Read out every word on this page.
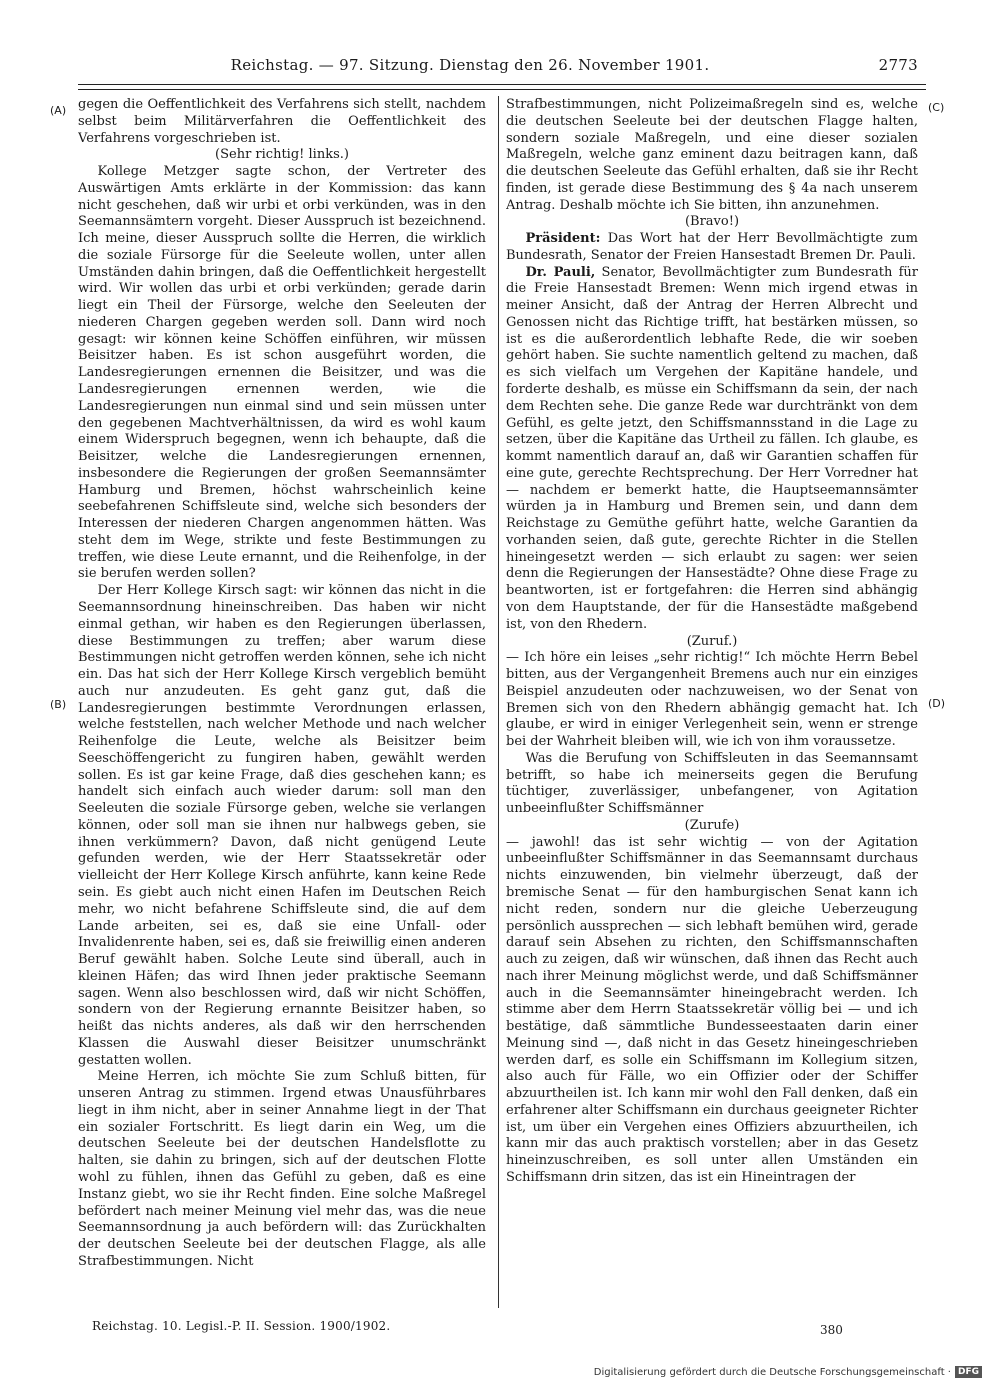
Reichstag. — 97. Sitzung. Dienstag den 26. November 1901.	2773
(A)
(B)
(C)
(D)

gegen die Oeffentlichkeit des Verfahrens sich stellt, nachdem selbst beim Militärverfahren die Oeffentlichkeit des Verfahrens vorgeschrieben ist.

(Sehr richtig! links.)

Kollege Metzger sagte schon, der Vertreter des Auswärtigen Amts erklärte in der Kommission: das kann nicht geschehen, daß wir urbi et orbi verkünden, was in den Seemannsämtern vorgeht. Dieser Ausspruch ist bezeichnend. Ich meine, dieser Ausspruch sollte die Herren, die wirklich die soziale Fürsorge für die Seeleute wollen, unter allen Umständen dahin bringen, daß die Oeffentlichkeit hergestellt wird. Wir wollen das urbi et orbi verkünden; gerade darin liegt ein Theil der Fürsorge, welche den Seeleuten der niederen Chargen gegeben werden soll. Dann wird noch gesagt: wir können keine Schöffen einführen, wir müssen Beisitzer haben. Es ist schon ausgeführt worden, die Landesregierungen ernennen die Beisitzer, und was die Landesregierungen ernennen werden, wie die Landesregierungen nun einmal sind und sein müssen unter den gegebenen Machtverhältnissen, da wird es wohl kaum einem Widerspruch begegnen, wenn ich behaupte, daß die Beisitzer, welche die Landesregierungen ernennen, insbesondere die Regierungen der großen Seemannsämter Hamburg und Bremen, höchst wahrscheinlich keine seebefahrenen Schiffsleute sind, welche sich besonders der Interessen der niederen Chargen angenommen hätten. Was steht dem im Wege, strikte und feste Bestimmungen zu treffen, wie diese Leute ernannt, und die Reihenfolge, in der sie berufen werden sollen?

Der Herr Kollege Kirsch sagt: wir können das nicht in die Seemannsordnung hineinschreiben. Das haben wir nicht einmal gethan, wir haben es den Regierungen überlassen, diese Bestimmungen zu treffen; aber warum diese Bestimmungen nicht getroffen werden können, sehe ich nicht ein. Das hat sich der Herr Kollege Kirsch vergeblich bemüht auch nur anzudeuten. Es geht ganz gut, daß die Landesregierungen bestimmte Verordnungen erlassen, welche feststellen, nach welcher Methode und nach welcher Reihenfolge die Leute, welche als Beisitzer beim Seeschöffengericht zu fungiren haben, gewählt werden sollen. Es ist gar keine Frage, daß dies geschehen kann; es handelt sich einfach auch wieder darum: soll man den Seeleuten die soziale Fürsorge geben, welche sie verlangen können, oder soll man sie ihnen nur halbwegs geben, sie ihnen verkümmern? Davon, daß nicht genügend Leute gefunden werden, wie der Herr Staatssekretär oder vielleicht der Herr Kollege Kirsch anführte, kann keine Rede sein. Es giebt auch nicht einen Hafen im Deutschen Reich mehr, wo nicht befahrene Schiffsleute sind, die auf dem Lande arbeiten, sei es, daß sie eine Unfall- oder Invalidenrente haben, sei es, daß sie freiwillig einen anderen Beruf gewählt haben. Solche Leute sind überall, auch in kleinen Häfen; das wird Ihnen jeder praktische Seemann sagen. Wenn also beschlossen wird, daß wir nicht Schöffen, sondern von der Regierung ernannte Beisitzer haben, so heißt das nichts anderes, als daß wir den herrschenden Klassen die Auswahl dieser Beisitzer unumschränkt gestatten wollen.

Meine Herren, ich möchte Sie zum Schluß bitten, für unseren Antrag zu stimmen. Irgend etwas Unausführbares liegt in ihm nicht, aber in seiner Annahme liegt in der That ein sozialer Fortschritt. Es liegt darin ein Weg, um die deutschen Seeleute bei der deutschen Handelsflotte zu halten, sie dahin zu bringen, sich auf der deutschen Flotte wohl zu fühlen, ihnen das Gefühl zu geben, daß es eine Instanz giebt, wo sie ihr Recht finden. Eine solche Maßregel befördert nach meiner Meinung viel mehr das, was die neue Seemannsordnung ja auch befördern will: das Zurückhalten der deutschen Seeleute bei der deutschen Flagge, als alle Strafbestimmungen. Nicht

Strafbestimmungen, nicht Polizeimaßregeln sind es, welche die deutschen Seeleute bei der deutschen Flagge halten, sondern soziale Maßregeln, und eine dieser sozialen Maßregeln, welche ganz eminent dazu beitragen kann, daß die deutschen Seeleute das Gefühl erhalten, daß sie ihr Recht finden, ist gerade diese Bestimmung des § 4a nach unserem Antrag. Deshalb möchte ich Sie bitten, ihn anzunehmen.

(Bravo!)

Präsident: Das Wort hat der Herr Bevollmächtigte zum Bundesrath, Senator der Freien Hansestadt Bremen Dr. Pauli.

Dr. Pauli, Senator, Bevollmächtigter zum Bundesrath für die Freie Hansestadt Bremen: Wenn mich irgend etwas in meiner Ansicht, daß der Antrag der Herren Albrecht und Genossen nicht das Richtige trifft, hat bestärken müssen, so ist es die außerordentlich lebhafte Rede, die wir soeben gehört haben. Sie suchte namentlich geltend zu machen, daß es sich vielfach um Vergehen der Kapitäne handele, und forderte deshalb, es müsse ein Schiffsmann da sein, der nach dem Rechten sehe. Die ganze Rede war durchtränkt von dem Gefühl, es gelte jetzt, den Schiffsmannsstand in die Lage zu setzen, über die Kapitäne das Urtheil zu fällen. Ich glaube, es kommt namentlich darauf an, daß wir Garantien schaffen für eine gute, gerechte Rechtsprechung. Der Herr Vorredner hat — nachdem er bemerkt hatte, die Hauptseemannsämter würden ja in Hamburg und Bremen sein, und dann dem Reichstage zu Gemüthe geführt hatte, welche Garantien da vorhanden seien, daß gute, gerechte Richter in die Stellen hineingesetzt werden — sich erlaubt zu sagen: wer seien denn die Regierungen der Hansestädte? Ohne diese Frage zu beantworten, ist er fortgefahren: die Herren sind abhängig von dem Hauptstande, der für die Hansestädte maßgebend ist, von den Rhedern.

(Zuruf.)

— Ich höre ein leises „sehr richtig!“ Ich möchte Herrn Bebel bitten, aus der Vergangenheit Bremens auch nur ein einziges Beispiel anzudeuten oder nachzuweisen, wo der Senat von Bremen sich von den Rhedern abhängig gemacht hat. Ich glaube, er wird in einiger Verlegenheit sein, wenn er strenge bei der Wahrheit bleiben will, wie ich von ihm voraussetze.

Was die Berufung von Schiffsleuten in das Seemannsamt betrifft, so habe ich meinerseits gegen die Berufung tüchtiger, zuverlässiger, unbefangener, von Agitation unbeeinflußter Schiffsmänner

(Zurufe)

— jawohl! das ist sehr wichtig — von der Agitation unbeeinflußter Schiffsmänner in das Seemannsamt durchaus nichts einzuwenden, bin vielmehr überzeugt, daß der bremische Senat — für den hamburgischen Senat kann ich nicht reden, sondern nur die gleiche Ueberzeugung persönlich aussprechen — sich lebhaft bemühen wird, gerade darauf sein Absehen zu richten, den Schiffsmannschaften auch zu zeigen, daß wir wünschen, daß ihnen das Recht auch nach ihrer Meinung möglichst werde, und daß Schiffsmänner auch in die Seemannsämter hineingebracht werden. Ich stimme aber dem Herrn Staatssekretär völlig bei — und ich bestätige, daß sämmtliche Bundesseestaaten darin einer Meinung sind —, daß nicht in das Gesetz hineingeschrieben werden darf, es solle ein Schiffsmann im Kollegium sitzen, also auch für Fälle, wo ein Offizier oder der Schiffer abzuurtheilen ist. Ich kann mir wohl den Fall denken, daß ein erfahrener alter Schiffsmann ein durchaus geeigneter Richter ist, um über ein Vergehen eines Offiziers abzuurtheilen, ich kann mir das auch praktisch vorstellen; aber in das Gesetz hineinzuschreiben, es soll unter allen Umständen ein Schiffsmann drin sitzen, das ist ein Hineintragen der

Reichstag. 10. Legisl.-P. II. Session. 1900/1902.	380
Digitalisierung gefördert durch die Deutsche Forschungsgemeinschaft · DFG
